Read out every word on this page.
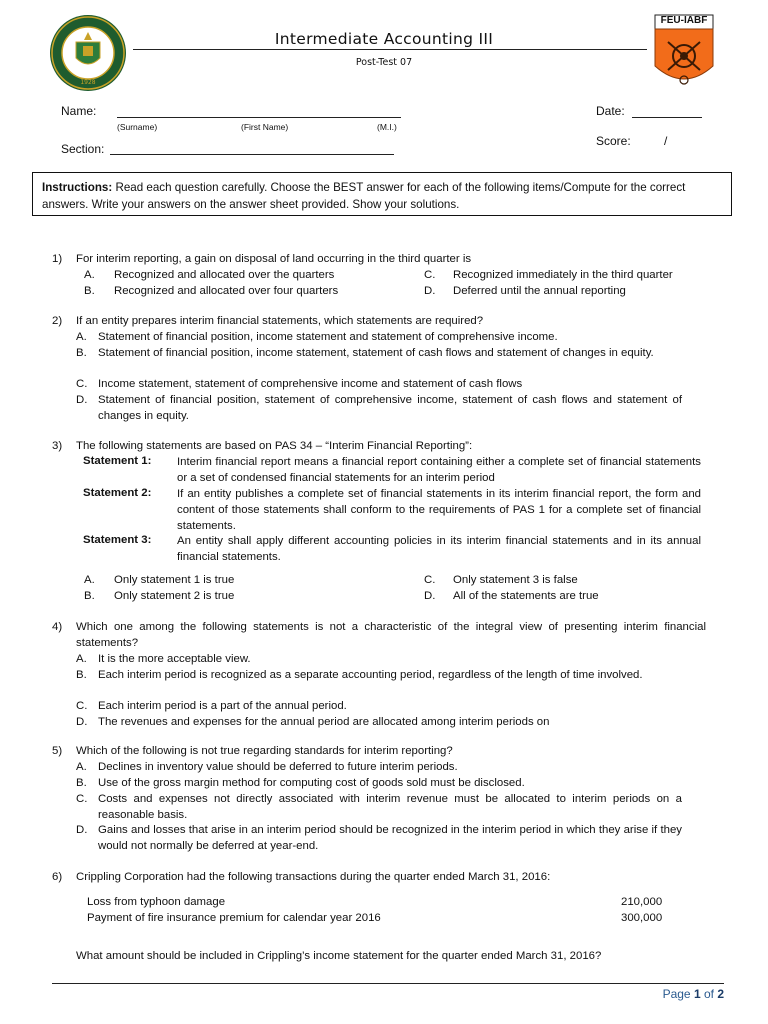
1928
Intermediate Accounting III
Post-Test 07
FEU-IABF
Name:
(Surname)	(First Name)	(M.I.)
Section:
Date:
Score:	/
Instructions: Read each question carefully. Choose the BEST answer for each of the following items/Compute for the correct answers. Write your answers on the answer sheet provided. Show your solutions.
1) For interim reporting, a gain on disposal of land occurring in the third quarter is
A.	Recognized and allocated over the quarters
B.	Recognized and allocated over four quarters
C.	Recognized immediately in the third quarter
D.	Deferred until the annual reporting
2) If an entity prepares interim financial statements, which statements are required?
A. Statement of financial position, income statement and statement of comprehensive income.
B. Statement of financial position, income statement, statement of cash flows and statement of changes in equity.
C. Income statement, statement of comprehensive income and statement of cash flows
D. Statement of financial position, statement of comprehensive income, statement of cash flows and statement of changes in equity.
3) The following statements are based on PAS 34 – “Interim Financial Reporting”:
Statement 1: Interim financial report means a financial report containing either a complete set of financial statements or a set of condensed financial statements for an interim period
Statement 2: If an entity publishes a complete set of financial statements in its interim financial report, the form and content of those statements shall conform to the requirements of PAS 1 for a complete set of financial statements.
Statement 3: An entity shall apply different accounting policies in its interim financial statements and in its annual financial statements.
A.	Only statement 1 is true
B.	Only statement 2 is true
C.	Only statement 3 is false
D.	All of the statements are true
4) Which one among the following statements is not a characteristic of the integral view of presenting interim financial statements?
A. It is the more acceptable view.
B. Each interim period is recognized as a separate accounting period, regardless of the length of time involved.
C. Each interim period is a part of the annual period.
D. The revenues and expenses for the annual period are allocated among interim periods on
5) Which of the following is not true regarding standards for interim reporting?
A. Declines in inventory value should be deferred to future interim periods.
B. Use of the gross margin method for computing cost of goods sold must be disclosed.
C. Costs and expenses not directly associated with interim revenue must be allocated to interim periods on a reasonable basis.
D. Gains and losses that arise in an interim period should be recognized in the interim period in which they arise if they would not normally be deferred at year-end.
6) Crippling Corporation had the following transactions during the quarter ended March 31, 2016:
Loss from typhoon damage	210,000
Payment of fire insurance premium for calendar year 2016	300,000
What amount should be included in Crippling’s income statement for the quarter ended March 31, 2016?
Page 1 of 2
